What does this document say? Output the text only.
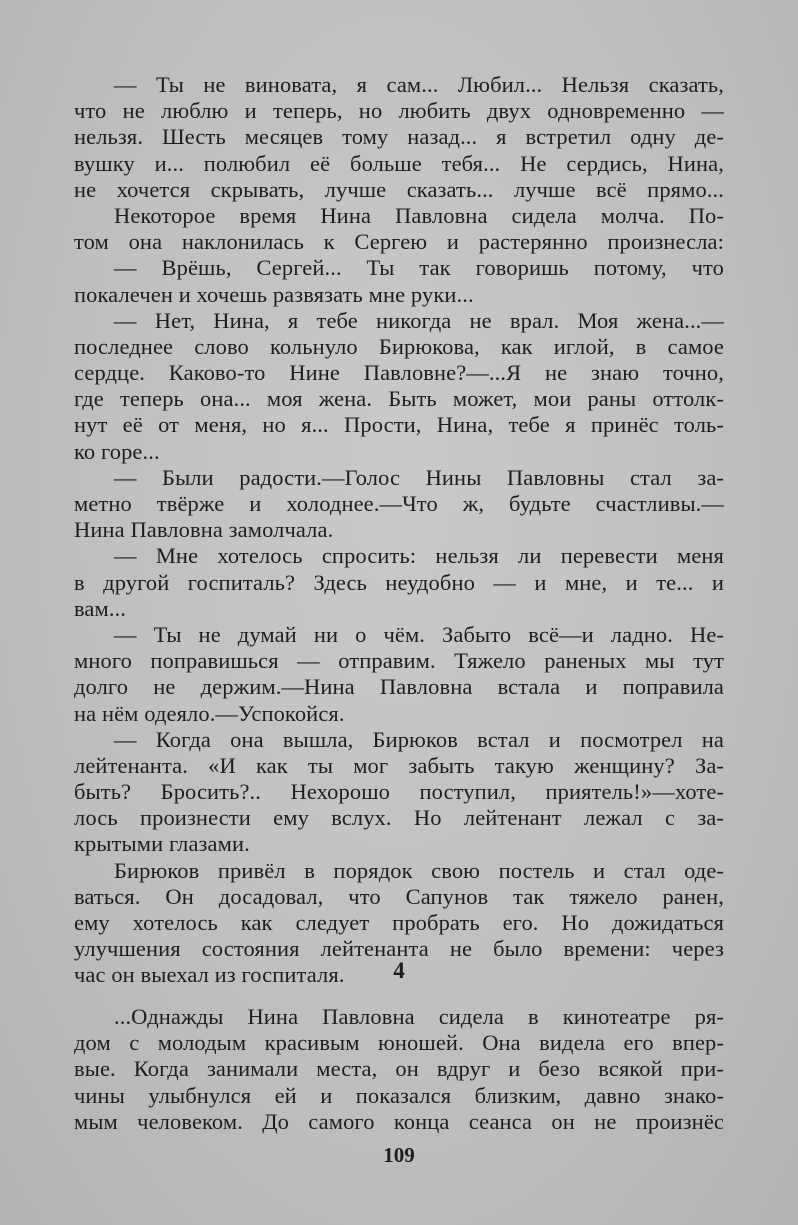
— Ты не виновата, я сам... Любил... Нельзя сказать,
что не люблю и теперь, но любить двух одновременно —
нельзя. Шесть месяцев тому назад... я встретил одну де-
вушку и... полюбил её больше тебя... Не сердись, Нина,
не хочется скрывать, лучше сказать... лучше всё прямо...
Некоторое время Нина Павловна сидела молча. По-
том она наклонилась к Сергею и растерянно произнесла:
— Врёшь, Сергей... Ты так говоришь потому, что
покалечен и хочешь развязать мне руки...
— Нет, Нина, я тебе никогда не врал. Моя жена...—
последнее слово кольнуло Бирюкова, как иглой, в самое
сердце. Каково-то Нине Павловне?—...Я не знаю точно,
где теперь она... моя жена. Быть может, мои раны оттолк-
нут её от меня, но я... Прости, Нина, тебе я принёс толь-
ко горе...
— Были радости.—Голос Нины Павловны стал за-
метно твёрже и холоднее.—Что ж, будьте счастливы.—
Нина Павловна замолчала.
— Мне хотелось спросить: нельзя ли перевести меня
в другой госпиталь? Здесь неудобно — и мне, и те... и
вам...
— Ты не думай ни о чём. Забыто всё—и ладно. Не-
много поправишься — отправим. Тяжело раненых мы тут
долго не держим.—Нина Павловна встала и поправила
на нём одеяло.—Успокойся.
— Когда она вышла, Бирюков встал и посмотрел на
лейтенанта. «И как ты мог забыть такую женщину? За-
быть? Бросить?.. Нехорошо поступил, приятель!»—хоте-
лось произнести ему вслух. Но лейтенант лежал с за-
крытыми глазами.
Бирюков привёл в порядок свою постель и стал оде-
ваться. Он досадовал, что Сапунов так тяжело ранен,
ему хотелось как следует пробрать его. Но дожидаться
улучшения состояния лейтенанта не было времени: через
час он выехал из госпиталя.	4
...Однажды Нина Павловна сидела в кинотеатре ря-
дом с молодым красивым юношей. Она видела его впер-
вые. Когда занимали места, он вдруг и безо всякой при-
чины улыбнулся ей и показался близким, давно знако-
мым человеком. До самого конца сеанса он не произнёс
109
